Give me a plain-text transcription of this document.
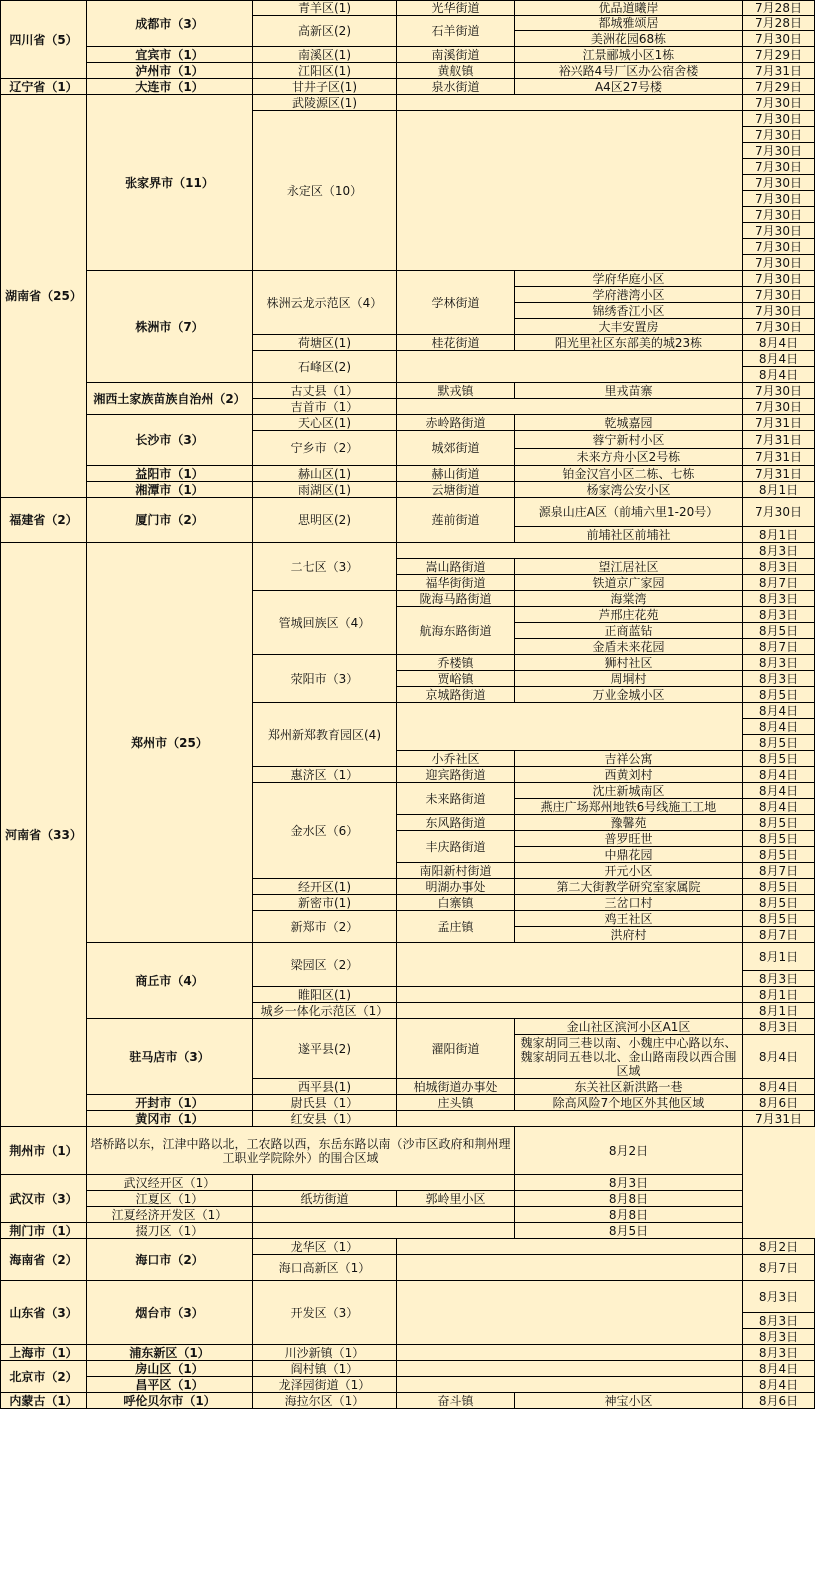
四川省（5）	成都市（3）	青羊区(1)	光华街道	优品道曦岸	7月28日
		高新区(2)	石羊街道	都城雅颂居	7月28日
				美洲花园68栋	7月30日
	宜宾市（1）	南溪区(1)	南溪街道	江景郦城小区1栋	7月29日
	泸州市（1）	江阳区(1)	黄舣镇	裕兴路4号厂区办公宿舍楼	7月31日
辽宁省（1）	大连市（1）	甘井子区(1)	泉水街道	A4区27号楼	7月29日
湖南省（25）	张家界市（11）	武陵源区(1)			7月30日
		永定区（10）			7月30日
					7月30日
					7月30日
					7月30日
					7月30日
					7月30日
					7月30日
					7月30日
					7月30日
					7月30日
	株洲市（7）	株洲云龙示范区（4）	学林街道	学府华庭小区	7月30日
				学府港湾小区	7月30日
				锦绣香江小区	7月30日
				大丰安置房	7月30日
		荷塘区(1)	桂花街道	阳光里社区东部美的城23栋	8月4日
		石峰区(2)			8月4日
					8月4日
	湘西土家族苗族自治州（2）	古丈县（1）	默戎镇	里戎苗寨	7月30日
		吉首市（1）			7月30日
	长沙市（3）	天心区(1)	赤岭路街道	乾城嘉园	7月31日
		宁乡市（2）	城郊街道	蓉宁新村小区	7月31日
				未来方舟小区2号栋	7月31日
	益阳市（1）	赫山区(1)	赫山街道	铂金汉宫小区二栋、七栋	7月31日
	湘潭市（1）	雨湖区(1)	云塘街道	杨家湾公安小区	8月1日
福建省（2）	厦门市（2）	思明区(2)	莲前街道	源泉山庄A区（前埔六里1-20号）	7月30日
				前埔社区前埔社	8月1日
河南省（33）	郑州市（25）	二七区（3）			8月3日
			嵩山路街道	望江居社区	8月3日
			福华街街道	铁道京广家园	8月7日
		管城回族区（4）	陇海马路街道	海棠湾	8月3日
			航海东路街道	芦邢庄花苑	8月3日
				正商蓝钻	8月5日
				金盾未来花园	8月7日
		荥阳市（3）	乔楼镇	狮村社区	8月3日
			贾峪镇	周垌村	8月3日
			京城路街道	万业金城小区	8月5日
		郑州新郑教育园区(4)			8月4日
					8月4日
					8月5日
			小乔社区	吉祥公寓	8月5日
		惠济区（1）	迎宾路街道	西黄刘村	8月4日
		金水区（6）	未来路街道	沈庄新城南区	8月4日
				燕庄广场郑州地铁6号线施工工地	8月4日
			东风路街道	豫馨苑	8月5日
			丰庆路街道	普罗旺世	8月5日
				中鼎花园	8月5日
			南阳新村街道	开元小区	8月7日
		经开区(1)	明湖办事处	第二大街教学研究室家属院	8月5日
		新密市(1)	白寨镇	三岔口村	8月5日
		新郑市（2）	孟庄镇	鸡王社区	8月5日
				洪府村	8月7日
	商丘市（4）	梁园区（2）			8月1日
					8月3日
		睢阳区(1)			8月1日
		城乡一体化示范区（1）			8月1日
	驻马店市（3）	遂平县(2)	濯阳街道	金山社区滨河小区A1区	8月3日
				魏家胡同三巷以南、小魏庄中心路以东、魏家胡同五巷以北、金山路南段以西合围区域	8月4日
		西平县(1)	柏城街道办事处	东关社区新洪路一巷	8月4日
	开封市（1）	尉氏县（1）	庄头镇	除高风险7个地区外其他区域	8月6日
	黄冈市（1）	红安县（1）			7月31日
荆州市（1）	塔桥路以东，江津中路以北，工农路以西，东岳东路以南（沙市区政府和荆州理工职业学院除外）的围合区域			8月2日	
武汉市（3）	武汉经开区（1）			8月3日	
	江夏区（1）	纸坊街道	郭岭里小区	8月8日	
	江夏经济开发区（1）			8月8日	
荆门市（1）	掇刀区（1）			8月5日	
海南省（2）	海口市（2）	龙华区（1）			8月2日
		海口高新区（1）			8月7日
山东省（3）	烟台市（3）	开发区（3）			8月3日
					8月3日
					8月3日
上海市（1）	浦东新区（1）	川沙新镇（1）			8月3日
北京市（2）	房山区（1）	阎村镇（1）			8月4日
	昌平区（1）	龙泽园街道（1）			8月4日
内蒙古（1）	呼伦贝尔市（1）	海拉尔区（1）	奋斗镇	神宝小区	8月6日
